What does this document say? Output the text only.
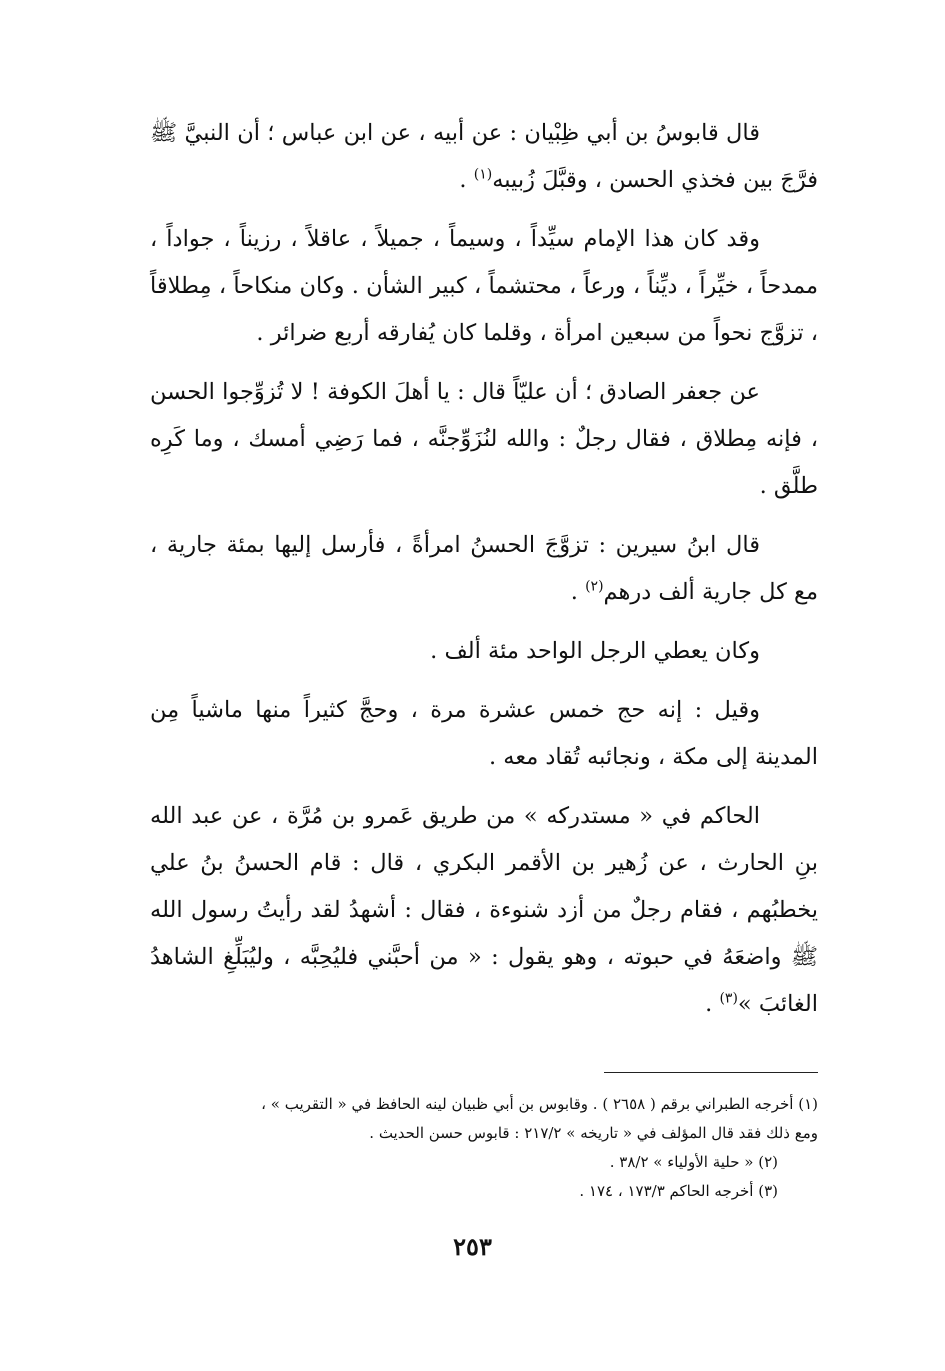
قال قابوسُ بن أبي ظِبْيان : عن أبيه ، عن ابن عباس ؛ أن النبيَّ ﷺ فرَّجَ بين فخذي الحسن ، وقبَّلَ زُبيبه$^{(١)}$ .

وقد كان هذا الإمام سيِّداً ، وسيماً ، جميلاً ، عاقلاً ، رزيناً ، جواداً ، ممدحاً ، خيِّراً ، ديِّناً ، ورعاً ، محتشماً ، كبير الشأن . وكان منكاحاً ، مِطلاقاً ، تزوَّج نحواً من سبعين امرأة ، وقلما كان يُفارقه أربع ضرائر .

عن جعفر الصادق ؛ أن عليّاً قال : يا أهلَ الكوفة ! لا تُزوِّجوا الحسن ، فإنه مِطلاق ، فقال رجلٌ : والله لنُزَوِّجنَّه ، فما رَضِي أمسك ، وما كَرِه طلَّق .

قال ابنُ سيرين : تزوَّجَ الحسنُ امرأةً ، فأرسل إليها بمئة جارية ، مع كل جارية ألف درهم$^{(٢)}$ .

وكان يعطي الرجل الواحد مئة ألف .

وقيل : إنه حج خمس عشرة مرة ، وحجَّ كثيراً منها ماشياً مِن المدينة إلى مكة ، ونجائبه تُقاد معه .

الحاكم في « مستدركه » من طريق عَمرو بن مُرَّة ، عن عبد الله بنِ الحارث ، عن زُهير بن الأقمر البكري ، قال : قام الحسنُ بنُ علي يخطبُهم ، فقام رجلٌ من أزد شنوءة ، فقال : أشهدُ لقد رأيتُ رسول الله ﷺ واضعَهُ في حبوته ، وهو يقول : « من أحبَّني فليُحِبَّه ، وليُبَلِّغِ الشاهدُ الغائبَ »$^{(٣)}$ .

(١) أخرجه الطبراني برقم ( ٢٦٥٨ ) . وقابوس بن أبي ظبيان لينه الحافظ في « التقريب » ،

ومع ذلك فقد قال المؤلف في « تاريخه » ٢١٧/٢ : قابوس حسن الحديث .

(٢) « حلية الأولياء » ٣٨/٢ .

(٣) أخرجه الحاكم ١٧٣/٣ ، ١٧٤ .

٢٥٣
